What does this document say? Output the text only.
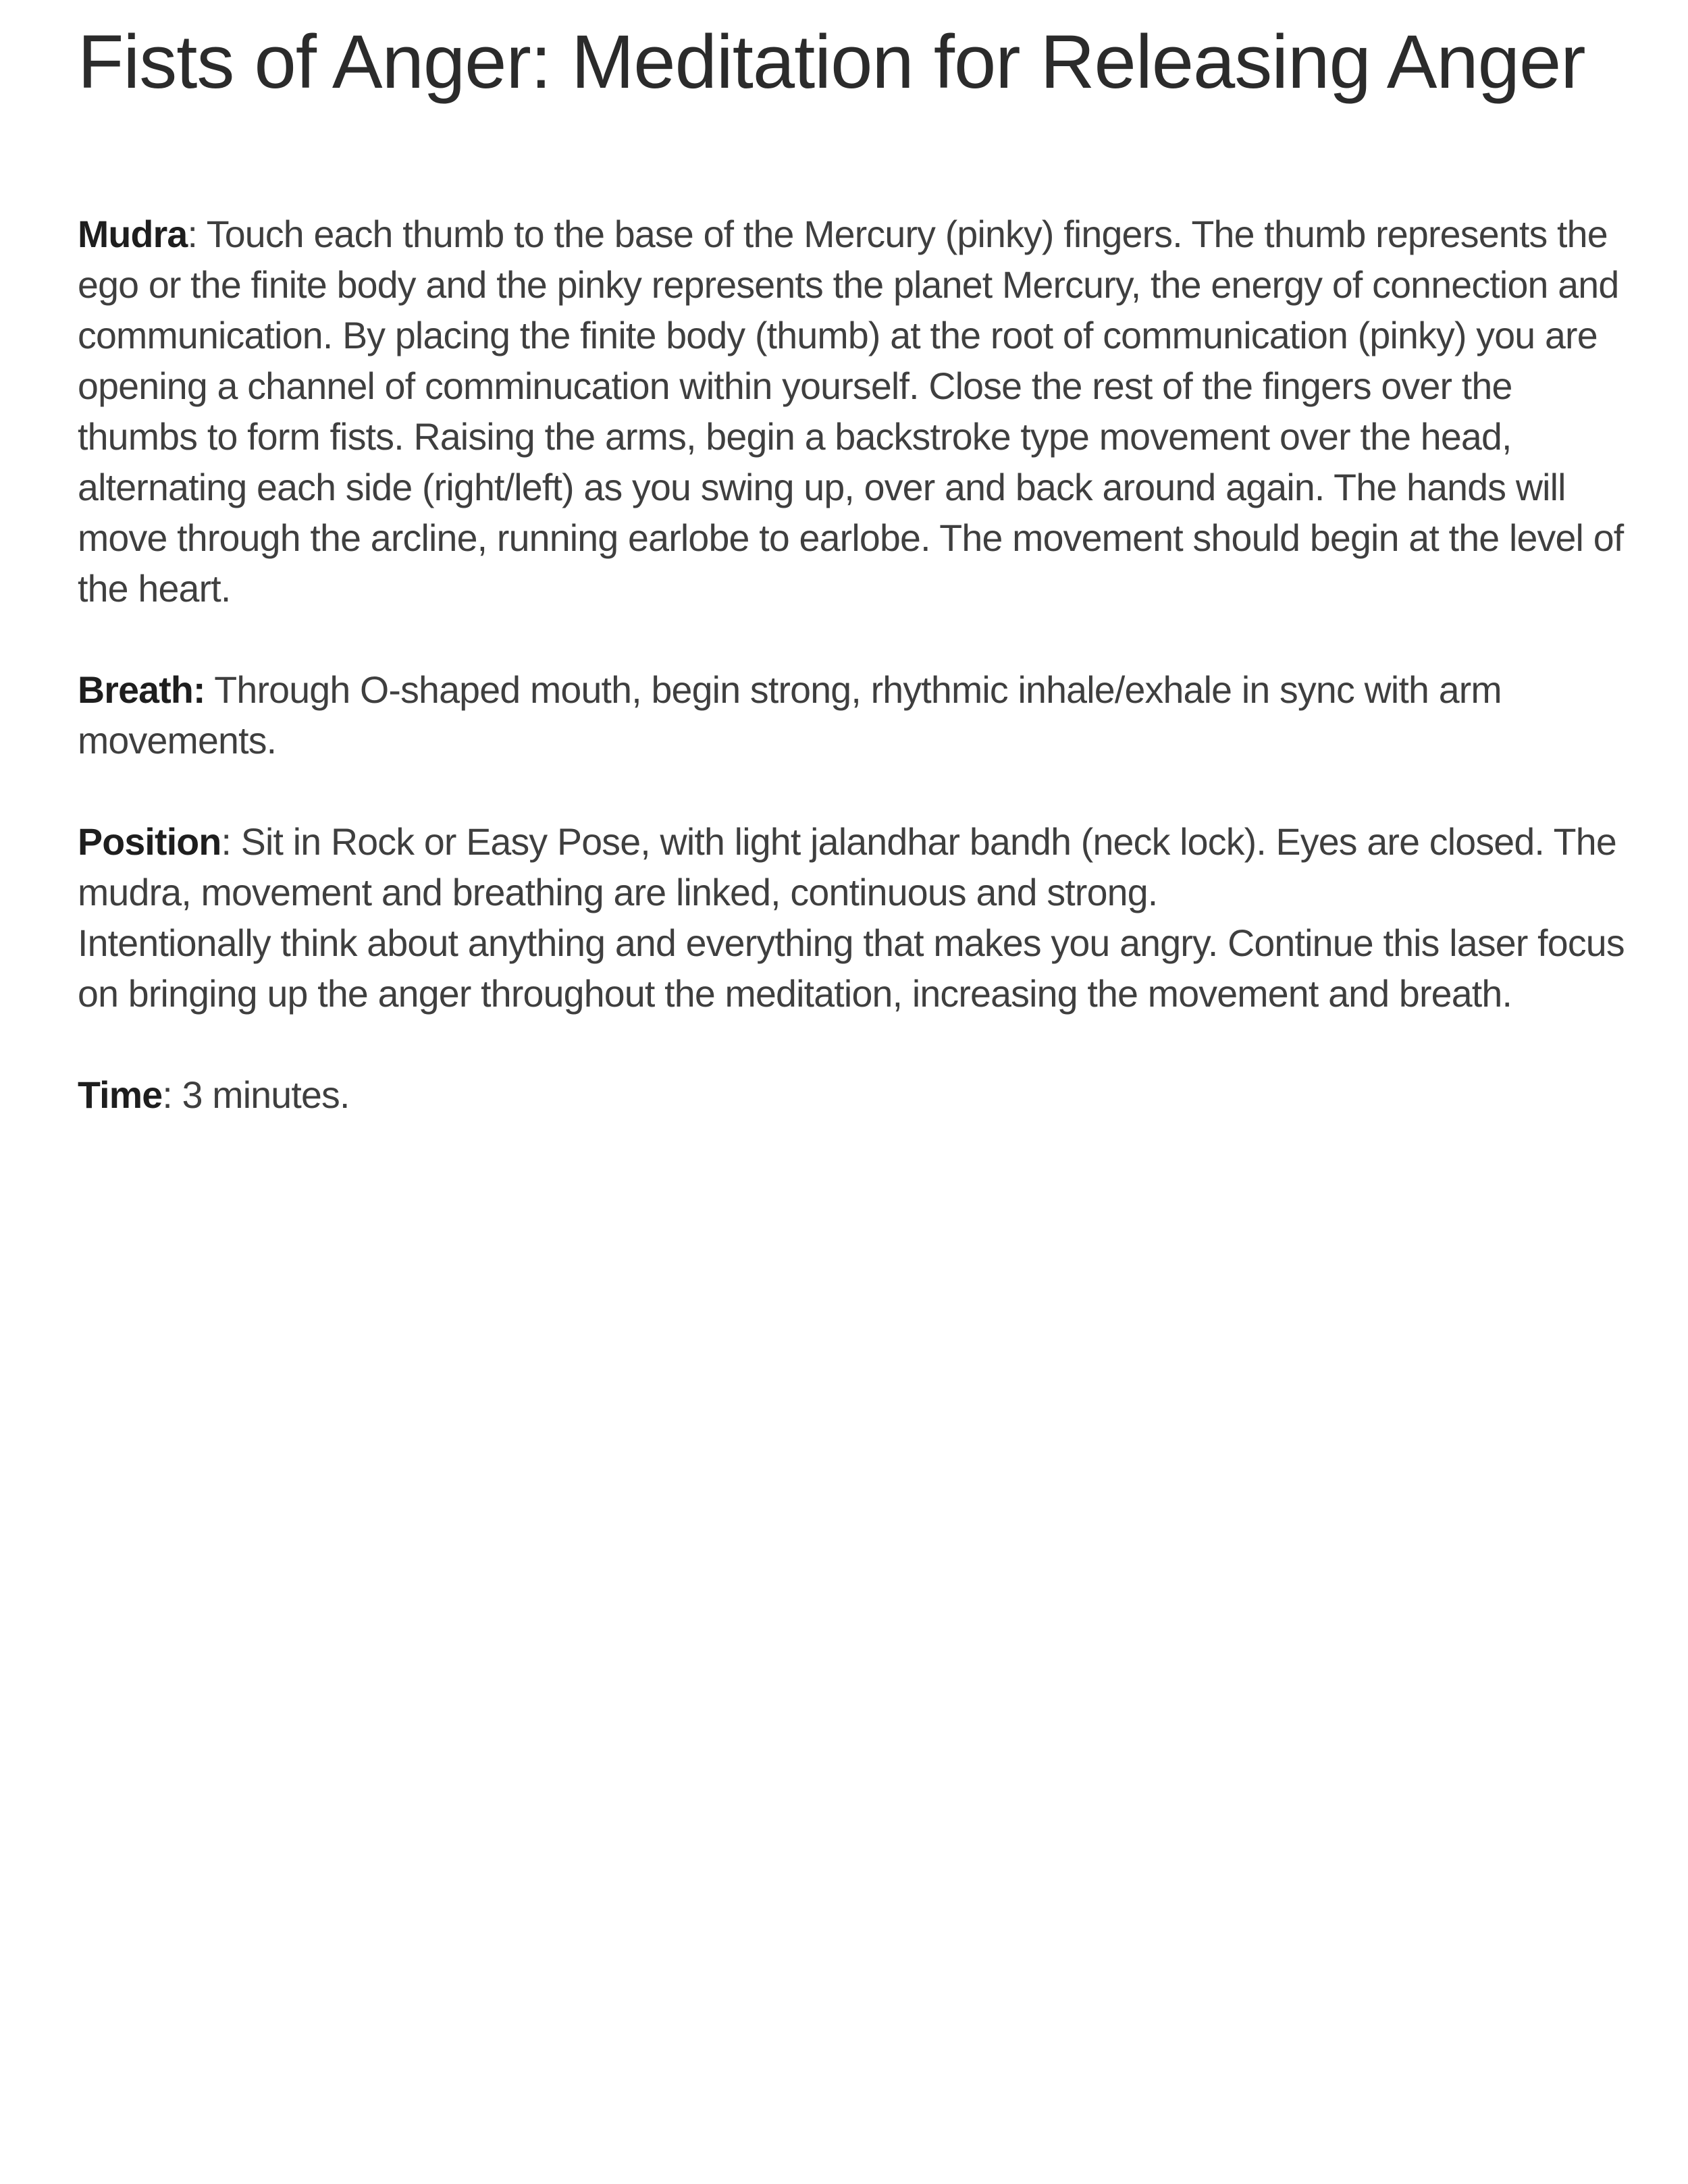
Fists of Anger: Meditation for Releasing Anger

Mudra: Touch each thumb to the base of the Mercury (pinky) fingers. The thumb represents the ego or the finite body and the pinky represents the planet Mercury, the energy of connection and communication. By placing the finite body (thumb) at the root of communication (pinky) you are opening a channel of comminucation within yourself. Close the rest of the fingers over the thumbs to form fists. Raising the arms, begin a backstroke type movement over the head, alternating each side (right/left) as you swing up, over and back around again. The hands will move through the arcline, running earlobe to earlobe. The movement should begin at the level of the heart.

Breath: Through O-shaped mouth, begin strong, rhythmic inhale/exhale in sync with arm movements.

Position: Sit in Rock or Easy Pose, with light jalandhar bandh (neck lock). Eyes are closed. The mudra, movement and breathing are linked, continuous and strong.

Intentionally think about anything and everything that makes you angry. Continue this laser focus on bringing up the anger throughout the meditation, increasing the movement and breath.

Time: 3 minutes.
